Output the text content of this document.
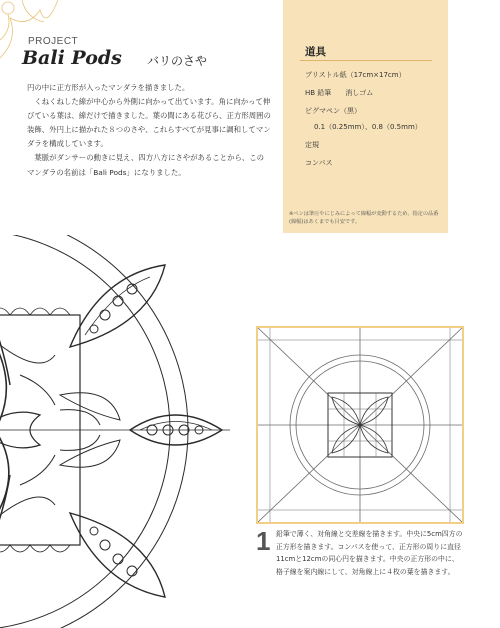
PROJECT
Bali Pods バリのさや

円の中に正方形が入ったマンダラを描きました。

くねくねした線が中心から外側に向かって出ています。角に向かって伸びている葉は、線だけで描きました。葉の間にある花びら、正方形周囲の装飾、外円上に描かれた８つのさや、これらすべてが見事に調和してマンダラを構成しています。

葉脈がダンサーの動きに見え、四方八方にさやがあることから、このマンダラの名前は「Bali Pods」になりました。

道具
ブリストル紙（17cm×17cm）
HB 鉛筆　　消しゴム
ピグマペン（黒）
0.1（0.25mm）、0.8（0.5mm）
定規
コンパス
※ペンは筆圧やにじみによって線幅が変動するため、指定の品番(線幅)はあくまでも目安です。
1 鉛筆で薄く、対角線と交差線を描きます。中央に5cm四方の正方形を描きます。コンパスを使って、正方形の周りに直径11cmと12cmの同心円を描きます。中央の正方形の中に、格子線を案内線にして、対角線上に４枚の葉を描きます。
